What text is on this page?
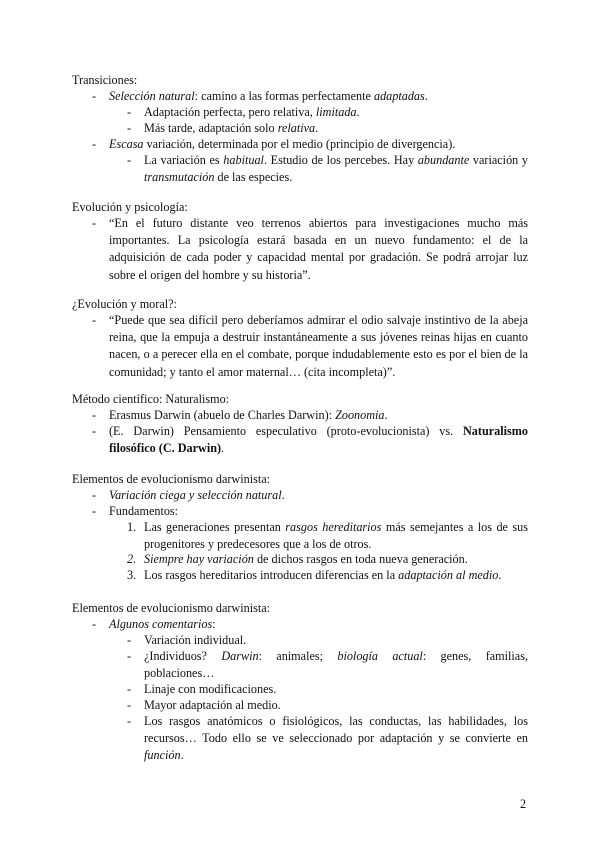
Transiciones:
- Selección natural: camino a las formas perfectamente adaptadas.
- Adaptación perfecta, pero relativa, limitada.
- Más tarde, adaptación solo relativa.
- Escasa variación, determinada por el medio (principio de divergencia).
- La variación es habitual. Estudio de los percebes. Hay abundante variación y
transmutación de las especies.
Evolución y psicología:
- “En el futuro distante veo terrenos abiertos para investigaciones mucho más
importantes. La psicología estará basada en un nuevo fundamento: el de la
adquisición de cada poder y capacidad mental por gradación. Se podrá arrojar luz
sobre el origen del hombre y su historia”.
¿Evolución y moral?:
- “Puede que sea difícil pero deberíamos admirar el odio salvaje instintivo de la abeja
reina, que la empuja a destruir instantáneamente a sus jóvenes reinas hijas en cuanto
nacen, o a perecer ella en el combate, porque indudablemente esto es por el bien de la
comunidad; y tanto el amor maternal… (cita incompleta)”.
Método científico: Naturalismo:
- Erasmus Darwin (abuelo de Charles Darwin): Zoonomia.
- (E. Darwin) Pensamiento especulativo (proto-evolucionista) vs. Naturalismo
filosófico (C. Darwin).
Elementos de evolucionismo darwinista:
- Variación ciega y selección natural.
- Fundamentos:
1. Las generaciones presentan rasgos hereditarios más semejantes a los de sus
progenitores y predecesores que a los de otros.
2. Siempre hay variación de dichos rasgos en toda nueva generación.
3. Los rasgos hereditarios introducen diferencias en la adaptación al medio.
Elementos de evolucionismo darwinista:
- Algunos comentarios:
- Variación individual.
- ¿Individuos? Darwin: animales; biología actual: genes, familias,
poblaciones…
- Linaje con modificaciones.
- Mayor adaptación al medio.
- Los rasgos anatómicos o fisiológicos, las conductas, las habilidades, los
recursos… Todo ello se ve seleccionado por adaptación y se convierte en
función.
2
